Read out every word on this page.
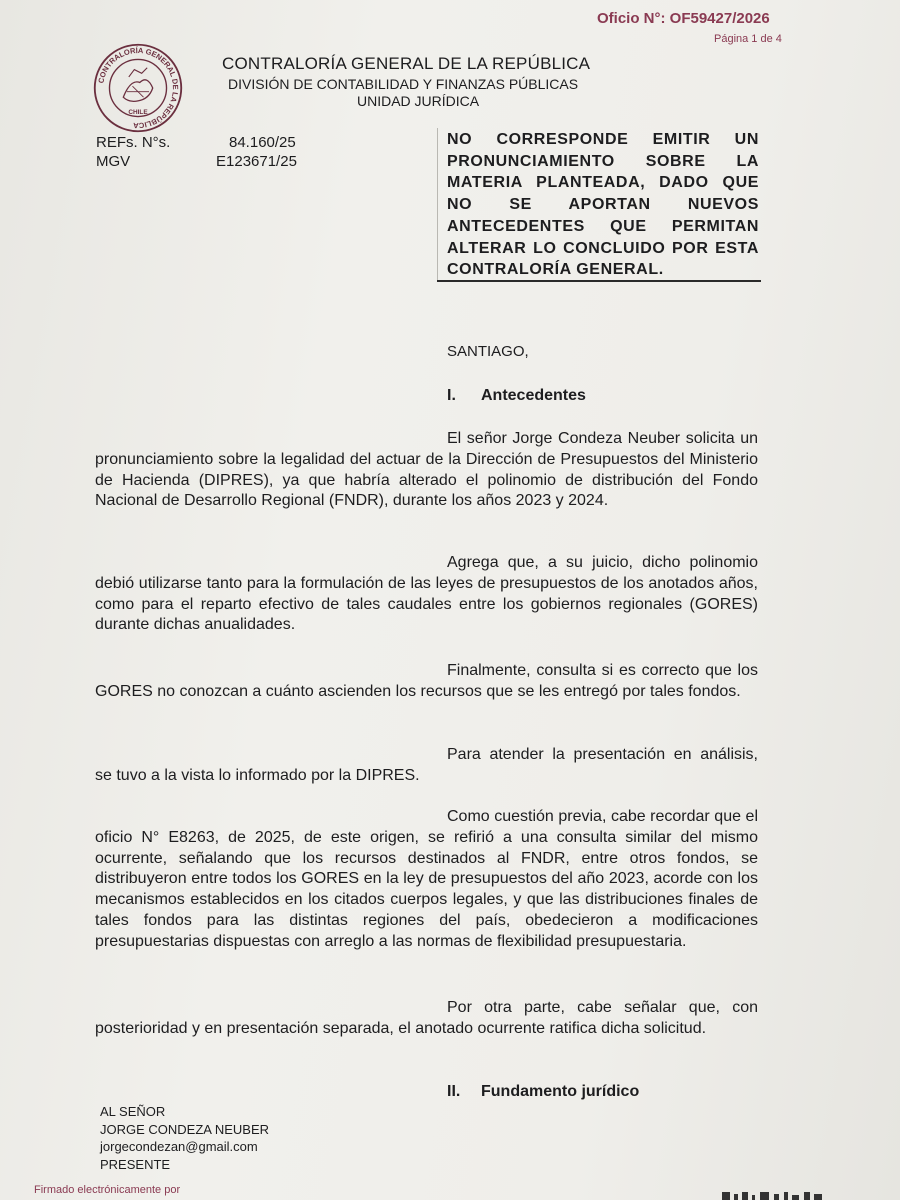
Oficio N°: OF59427/2026
Página 1 de 4
CONTRALORÍA GENERAL DE LA REPÚBLICA
CHILE
CONTRALORÍA GENERAL DE LA REPÚBLICA
DIVISIÓN DE CONTABILIDAD Y FINANZAS PÚBLICAS
UNIDAD JURÍDICA
REFs. N°s.
MGV
84.160/25
E123671/25
NO CORRESPONDE EMITIR UN PRONUNCIAMIENTO SOBRE LA MATERIA PLANTEADA, DADO QUE NO SE APORTAN NUEVOS ANTECEDENTES QUE PERMITAN ALTERAR LO CONCLUIDO POR ESTA CONTRALORÍA GENERAL.
SANTIAGO,
I. Antecedentes
El señor Jorge Condeza Neuber solicita un pronunciamiento sobre la legalidad del actuar de la Dirección de Presupuestos del Ministerio de Hacienda (DIPRES), ya que habría alterado el polinomio de distribución del Fondo Nacional de Desarrollo Regional (FNDR), durante los años 2023 y 2024.
Agrega que, a su juicio, dicho polinomio debió utilizarse tanto para la formulación de las leyes de presupuestos de los anotados años, como para el reparto efectivo de tales caudales entre los gobiernos regionales (GORES) durante dichas anualidades.
Finalmente, consulta si es correcto que los GORES no conozcan a cuánto ascienden los recursos que se les entregó por tales fondos.
Para atender la presentación en análisis, se tuvo a la vista lo informado por la DIPRES.
Como cuestión previa, cabe recordar que el oficio N° E8263, de 2025, de este origen, se refirió a una consulta similar del mismo ocurrente, señalando que los recursos destinados al FNDR, entre otros fondos, se distribuyeron entre todos los GORES en la ley de presupuestos del año 2023, acorde con los mecanismos establecidos en los citados cuerpos legales, y que las distribuciones finales de tales fondos para las distintas regiones del país, obedecieron a modificaciones presupuestarias dispuestas con arreglo a las normas de flexibilidad presupuestaria.
Por otra parte, cabe señalar que, con posterioridad y en presentación separada, el anotado ocurrente ratifica dicha solicitud.
II. Fundamento jurídico
AL SEÑOR
JORGE CONDEZA NEUBER
jorgecondezan@gmail.com
PRESENTE
Firmado electrónicamente por
